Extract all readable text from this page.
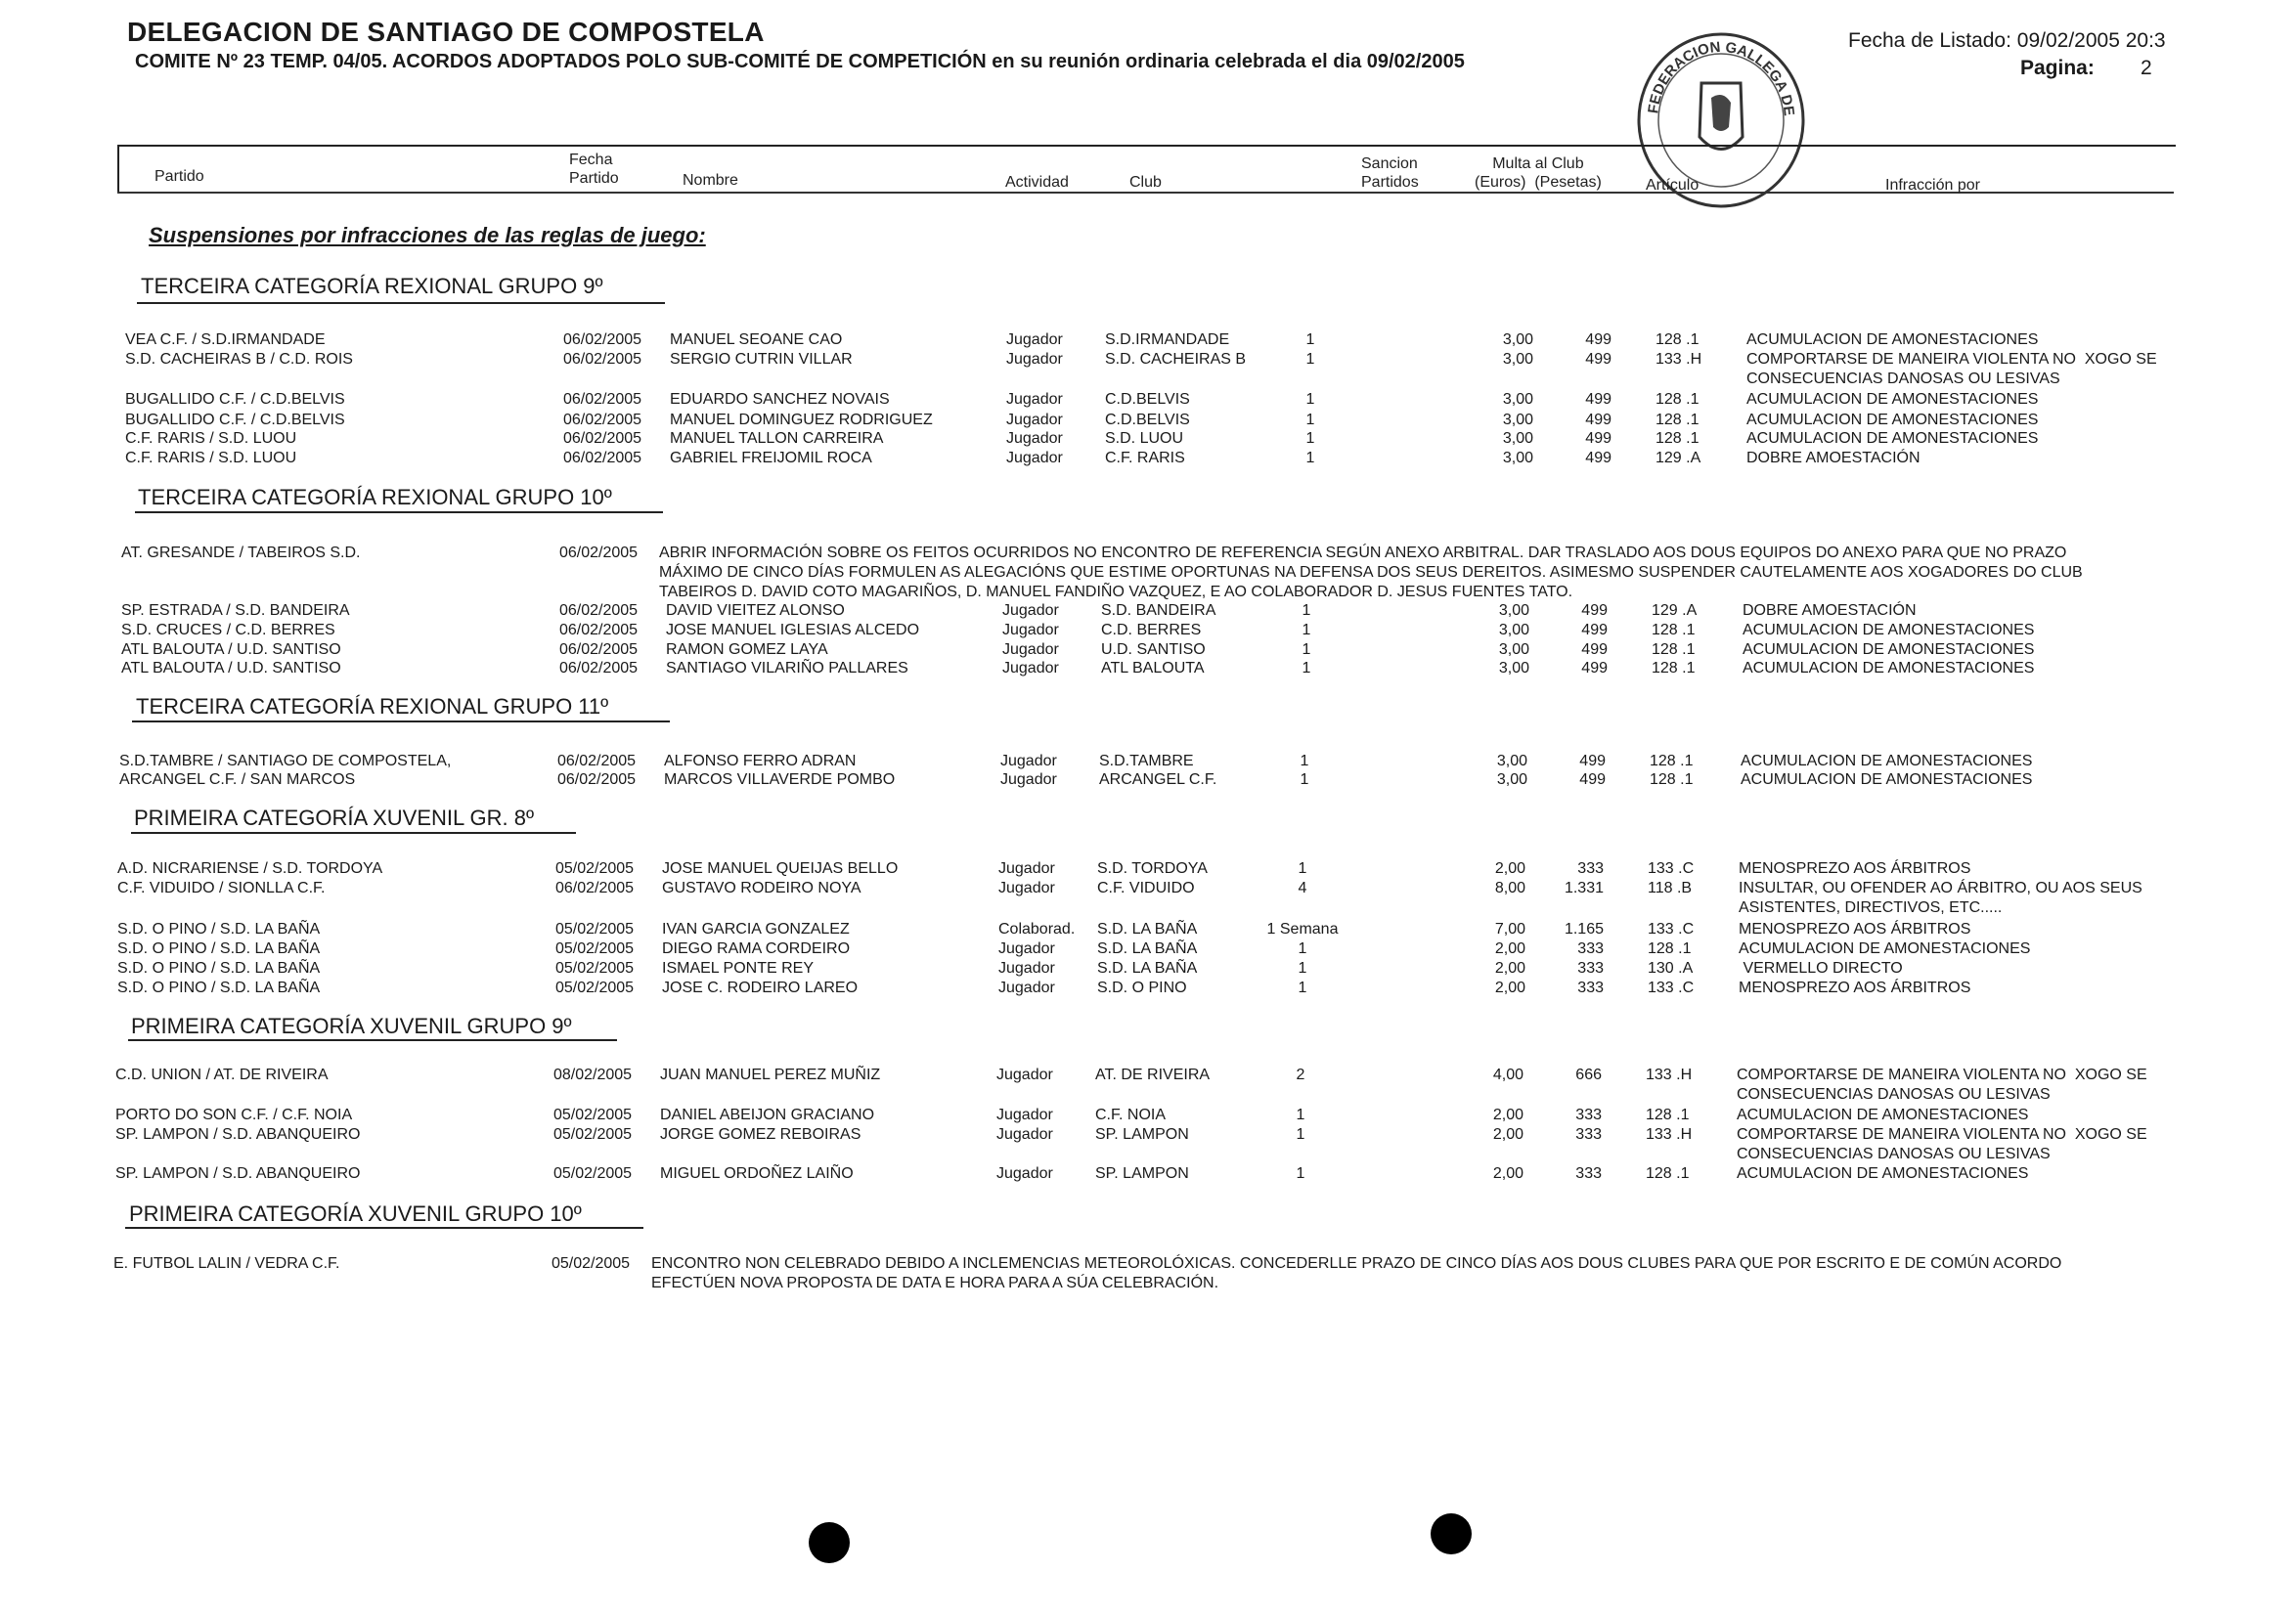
DELEGACION DE SANTIAGO DE COMPOSTELA
COMITE Nº 23 TEMP. 04/05. ACORDOS ADOPTADOS POLO SUB-COMITÉ DE COMPETICIÓN en su reunión ordinaria celebrada el dia 09/02/2005
Fecha de Listado: 09/02/2005 20:3
Pagina: 2
FEDERACION GALLEGA DE
Partido
Fecha
Partido	Nombre	Actividad	Club
Sancion
Partidos
Multa al Club
(Euros)  (Pesetas)	Artículo	Infracción por
Suspensiones por infracciones de las reglas de juego:
TERCEIRA CATEGORÍA REXIONAL GRUPO 9º
VEA C.F. / S.D.IRMANDADE	06/02/2005 MANUEL SEOANE CAO	Jugador	S.D.IRMANDADE	1	3,00	499	128 .1	ACUMULACION DE AMONESTACIONES
S.D. CACHEIRAS B / C.D. ROIS	06/02/2005 SERGIO CUTRIN VILLAR	Jugador	S.D. CACHEIRAS B	1	3,00	499	133 .H	COMPORTARSE DE MANEIRA VIOLENTA NO  XOGO SE
CONSECUENCIAS DANOSAS OU LESIVAS
BUGALLIDO C.F. / C.D.BELVIS	06/02/2005 EDUARDO SANCHEZ NOVAIS	Jugador	C.D.BELVIS	1	3,00	499	128 .1	ACUMULACION DE AMONESTACIONES
BUGALLIDO C.F. / C.D.BELVIS	06/02/2005 MANUEL DOMINGUEZ RODRIGUEZ	Jugador	C.D.BELVIS	1	3,00	499	128 .1	ACUMULACION DE AMONESTACIONES
C.F. RARIS / S.D. LUOU	06/02/2005 MANUEL TALLON CARREIRA	Jugador	S.D. LUOU	1	3,00	499	128 .1	ACUMULACION DE AMONESTACIONES
C.F. RARIS / S.D. LUOU	06/02/2005 GABRIEL FREIJOMIL ROCA	Jugador	C.F. RARIS	1	3,00	499	129 .A	DOBRE AMOESTACIÓN
TERCEIRA CATEGORÍA REXIONAL GRUPO 10º
AT. GRESANDE / TABEIROS S.D.	06/02/2005 ABRIR INFORMACIÓN SOBRE OS FEITOS OCURRIDOS NO ENCONTRO DE REFERENCIA SEGÚN ANEXO ARBITRAL. DAR TRASLADO AOS DOUS EQUIPOS DO ANEXO PARA QUE NO PRAZO
MÁXIMO DE CINCO DÍAS FORMULEN AS ALEGACIÓNS QUE ESTIME OPORTUNAS NA DEFENSA DOS SEUS DEREITOS. ASIMESMO SUSPENDER CAUTELAMENTE AOS XOGADORES DO CLUB
TABEIROS D. DAVID COTO MAGARIÑOS, D. MANUEL FANDIÑO VAZQUEZ, E AO COLABORADOR D. JESUS FUENTES TATO.
SP. ESTRADA / S.D. BANDEIRA	06/02/2005 DAVID VIEITEZ ALONSO	Jugador	S.D. BANDEIRA	1	3,00	499	129 .A	DOBRE AMOESTACIÓN
S.D. CRUCES / C.D. BERRES	06/02/2005 JOSE MANUEL IGLESIAS ALCEDO	Jugador	C.D. BERRES	1	3,00	499	128 .1	ACUMULACION DE AMONESTACIONES
ATL BALOUTA / U.D. SANTISO	06/02/2005 RAMON GOMEZ LAYA	Jugador	U.D. SANTISO	1	3,00	499	128 .1	ACUMULACION DE AMONESTACIONES
ATL BALOUTA / U.D. SANTISO	06/02/2005 SANTIAGO VILARIÑO PALLARES	Jugador	ATL BALOUTA	1	3,00	499	128 .1	ACUMULACION DE AMONESTACIONES
TERCEIRA CATEGORÍA REXIONAL GRUPO 11º
S.D.TAMBRE / SANTIAGO DE COMPOSTELA,	06/02/2005 ALFONSO FERRO ADRAN	Jugador	S.D.TAMBRE	1	3,00	499	128 .1	ACUMULACION DE AMONESTACIONES
ARCANGEL C.F. / SAN MARCOS	06/02/2005 MARCOS VILLAVERDE POMBO	Jugador	ARCANGEL C.F.	1	3,00	499	128 .1	ACUMULACION DE AMONESTACIONES
PRIMEIRA CATEGORÍA XUVENIL GR. 8º
A.D. NICRARIENSE / S.D. TORDOYA	05/02/2005 JOSE MANUEL QUEIJAS BELLO	Jugador	S.D. TORDOYA	1	2,00	333	133 .C	MENOSPREZO AOS ÁRBITROS
C.F. VIDUIDO / SIONLLA C.F.	06/02/2005 GUSTAVO RODEIRO NOYA	Jugador	C.F. VIDUIDO	4	8,00	1.331	118 .B	INSULTAR, OU OFENDER AO ÁRBITRO, OU AOS SEUS
ASISTENTES, DIRECTIVOS, ETC.....
S.D. O PINO / S.D. LA BAÑA	05/02/2005 IVAN GARCIA GONZALEZ	Colaborad. S.D. LA BAÑA	1 Semana	7,00	1.165	133 .C	MENOSPREZO AOS ÁRBITROS
S.D. O PINO / S.D. LA BAÑA	05/02/2005 DIEGO RAMA CORDEIRO	Jugador	S.D. LA BAÑA	1	2,00	333	128 .1	ACUMULACION DE AMONESTACIONES
S.D. O PINO / S.D. LA BAÑA	05/02/2005 ISMAEL PONTE REY	Jugador	S.D. LA BAÑA	1	2,00	333	130 .A	VERMELLO DIRECTO
S.D. O PINO / S.D. LA BAÑA	05/02/2005 JOSE C. RODEIRO LAREO	Jugador	S.D. O PINO	1	2,00	333	133 .C	MENOSPREZO AOS ÁRBITROS
PRIMEIRA CATEGORÍA XUVENIL GRUPO 9º
C.D. UNION / AT. DE RIVEIRA	08/02/2005 JUAN MANUEL PEREZ MUÑIZ	Jugador	AT. DE RIVEIRA	2	4,00	666	133 .H	COMPORTARSE DE MANEIRA VIOLENTA NO  XOGO SE
CONSECUENCIAS DANOSAS OU LESIVAS
PORTO DO SON C.F. / C.F. NOIA	05/02/2005 DANIEL ABEIJON GRACIANO	Jugador	C.F. NOIA	1	2,00	333	128 .1	ACUMULACION DE AMONESTACIONES
SP. LAMPON / S.D. ABANQUEIRO	05/02/2005 JORGE GOMEZ REBOIRAS	Jugador	SP. LAMPON	1	2,00	333	133 .H	COMPORTARSE DE MANEIRA VIOLENTA NO  XOGO SE
CONSECUENCIAS DANOSAS OU LESIVAS
SP. LAMPON / S.D. ABANQUEIRO	05/02/2005 MIGUEL ORDOÑEZ LAIÑO	Jugador	SP. LAMPON	1	2,00	333	128 .1	ACUMULACION DE AMONESTACIONES
PRIMEIRA CATEGORÍA XUVENIL GRUPO 10º
E. FUTBOL LALIN / VEDRA C.F.	05/02/2005 ENCONTRO NON CELEBRADO DEBIDO A INCLEMENCIAS METEOROLÓXICAS. CONCEDERLLE PRAZO DE CINCO DÍAS AOS DOUS CLUBES PARA QUE POR ESCRITO E DE COMÚN ACORDO
EFECTÚEN NOVA PROPOSTA DE DATA E HORA PARA A SÚA CELEBRACIÓN.
